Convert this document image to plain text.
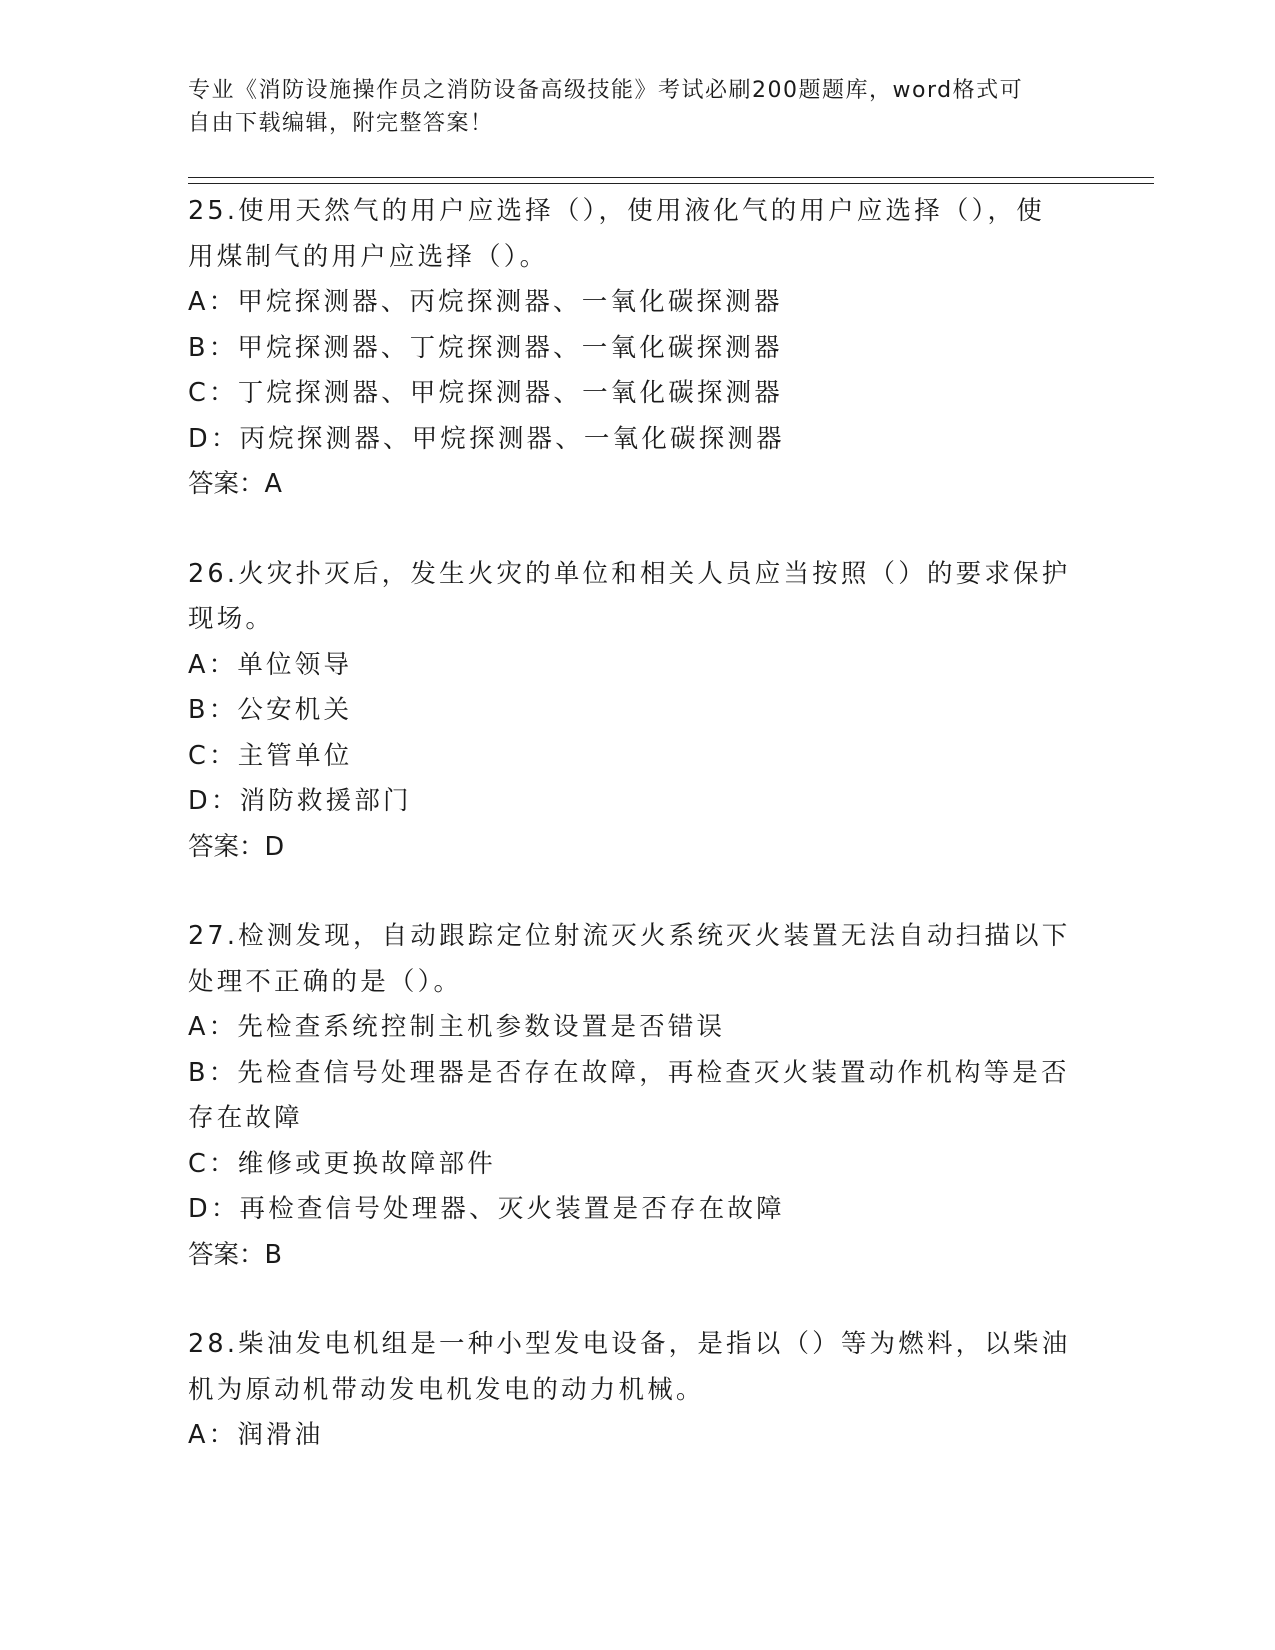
专业《消防设施操作员之消防设备高级技能》考试必刷200题题库，word格式可
自由下载编辑，附完整答案！
25.使用天然气的用户应选择（），使用液化气的用户应选择（），使
用煤制气的用户应选择（）。
A：甲烷探测器、丙烷探测器、一氧化碳探测器
B：甲烷探测器、丁烷探测器、一氧化碳探测器
C：丁烷探测器、甲烷探测器、一氧化碳探测器
D：丙烷探测器、甲烷探测器、一氧化碳探测器
答案：A
26.火灾扑灭后，发生火灾的单位和相关人员应当按照（）的要求保护
现场。
A：单位领导
B：公安机关
C：主管单位
D：消防救援部门
答案：D
27.检测发现，自动跟踪定位射流灭火系统灭火装置无法自动扫描以下
处理不正确的是（）。
A：先检查系统控制主机参数设置是否错误
B：先检查信号处理器是否存在故障，再检查灭火装置动作机构等是否
存在故障
C：维修或更换故障部件
D：再检查信号处理器、灭火装置是否存在故障
答案：B
28.柴油发电机组是一种小型发电设备，是指以（）等为燃料，以柴油
机为原动机带动发电机发电的动力机械。
A：润滑油
